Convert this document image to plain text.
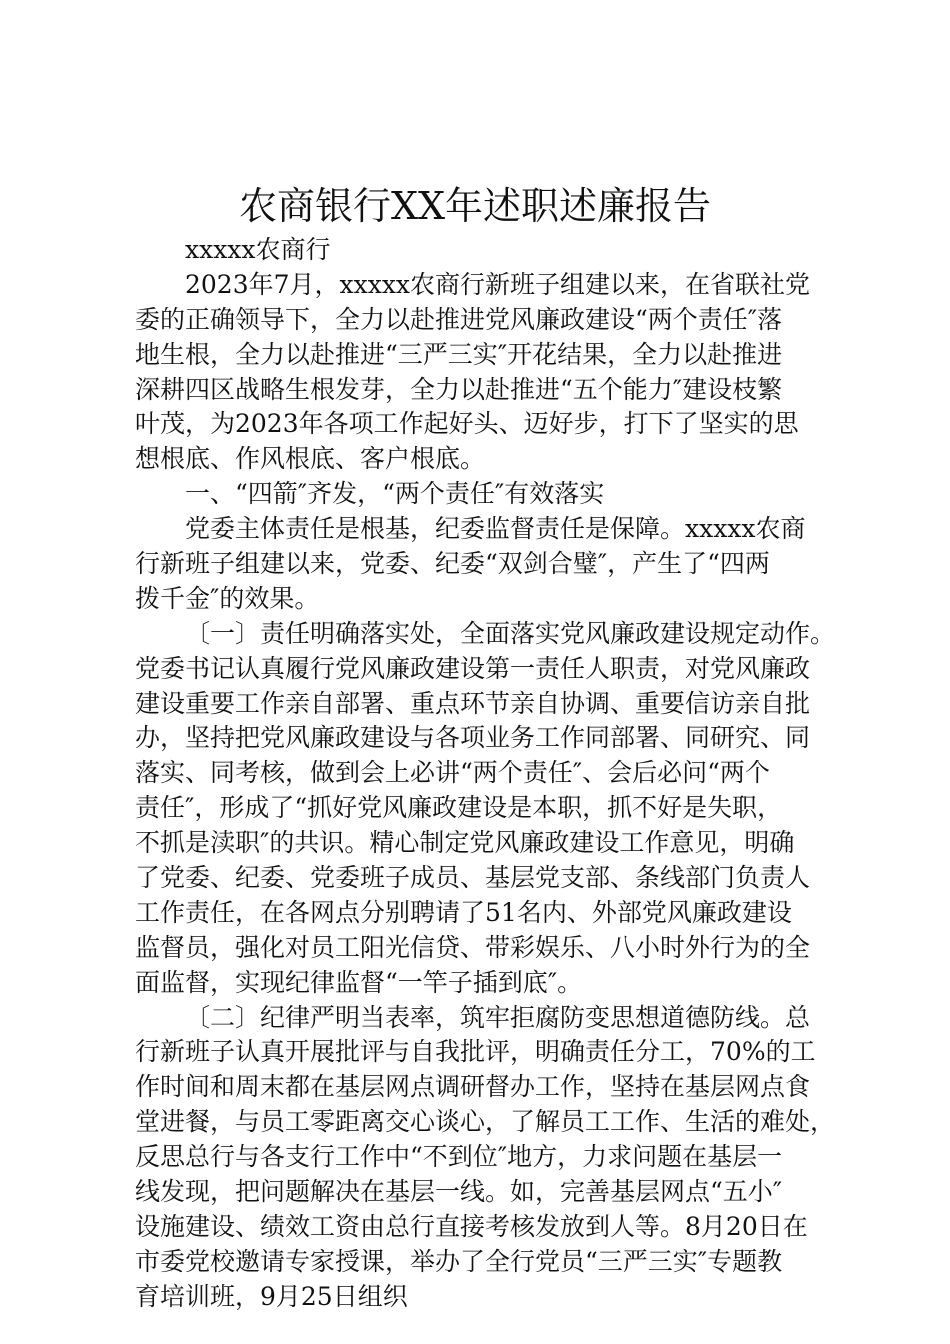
农商银行XX年述职述廉报告
xxxxx农商行
2023年7月，xxxxx农商行新班子组建以来，在省联社党
委的正确领导下，全力以赴推进党风廉政建设“两个责任″落
地生根，全力以赴推进“三严三实″开花结果，全力以赴推进
深耕四区战略生根发芽，全力以赴推进“五个能力″建设枝繁
叶茂，为2023年各项工作起好头、迈好步，打下了坚实的思
想根底、作风根底、客户根底。
一、“四箭″齐发，“两个责任″有效落实
党委主体责任是根基，纪委监督责任是保障。xxxxx农商
行新班子组建以来，党委、纪委“双剑合璧″，产生了“四两
拨千金″的效果。
〔一〕责任明确落实处，全面落实党风廉政建设规定动作。
党委书记认真履行党风廉政建设第一责任人职责，对党风廉政
建设重要工作亲自部署、重点环节亲自协调、重要信访亲自批
办，坚持把党风廉政建设与各项业务工作同部署、同研究、同
落实、同考核，做到会上必讲“两个责任″、会后必问“两个
责任″，形成了“抓好党风廉政建设是本职，抓不好是失职，
不抓是渎职″的共识。精心制定党风廉政建设工作意见，明确
了党委、纪委、党委班子成员、基层党支部、条线部门负责人
工作责任，在各网点分别聘请了51名内、外部党风廉政建设
监督员，强化对员工阳光信贷、带彩娱乐、八小时外行为的全
面监督，实现纪律监督“一竿子插到底″。
〔二〕纪律严明当表率，筑牢拒腐防变思想道德防线。总
行新班子认真开展批评与自我批评，明确责任分工，70%的工
作时间和周末都在基层网点调研督办工作，坚持在基层网点食
堂进餐，与员工零距离交心谈心，了解员工工作、生活的难处，
反思总行与各支行工作中“不到位″地方，力求问题在基层一
线发现，把问题解决在基层一线。如，完善基层网点“五小″
设施建设、绩效工资由总行直接考核发放到人等。8月20日在
市委党校邀请专家授课，举办了全行党员“三严三实″专题教
育培训班，9月25日组织
